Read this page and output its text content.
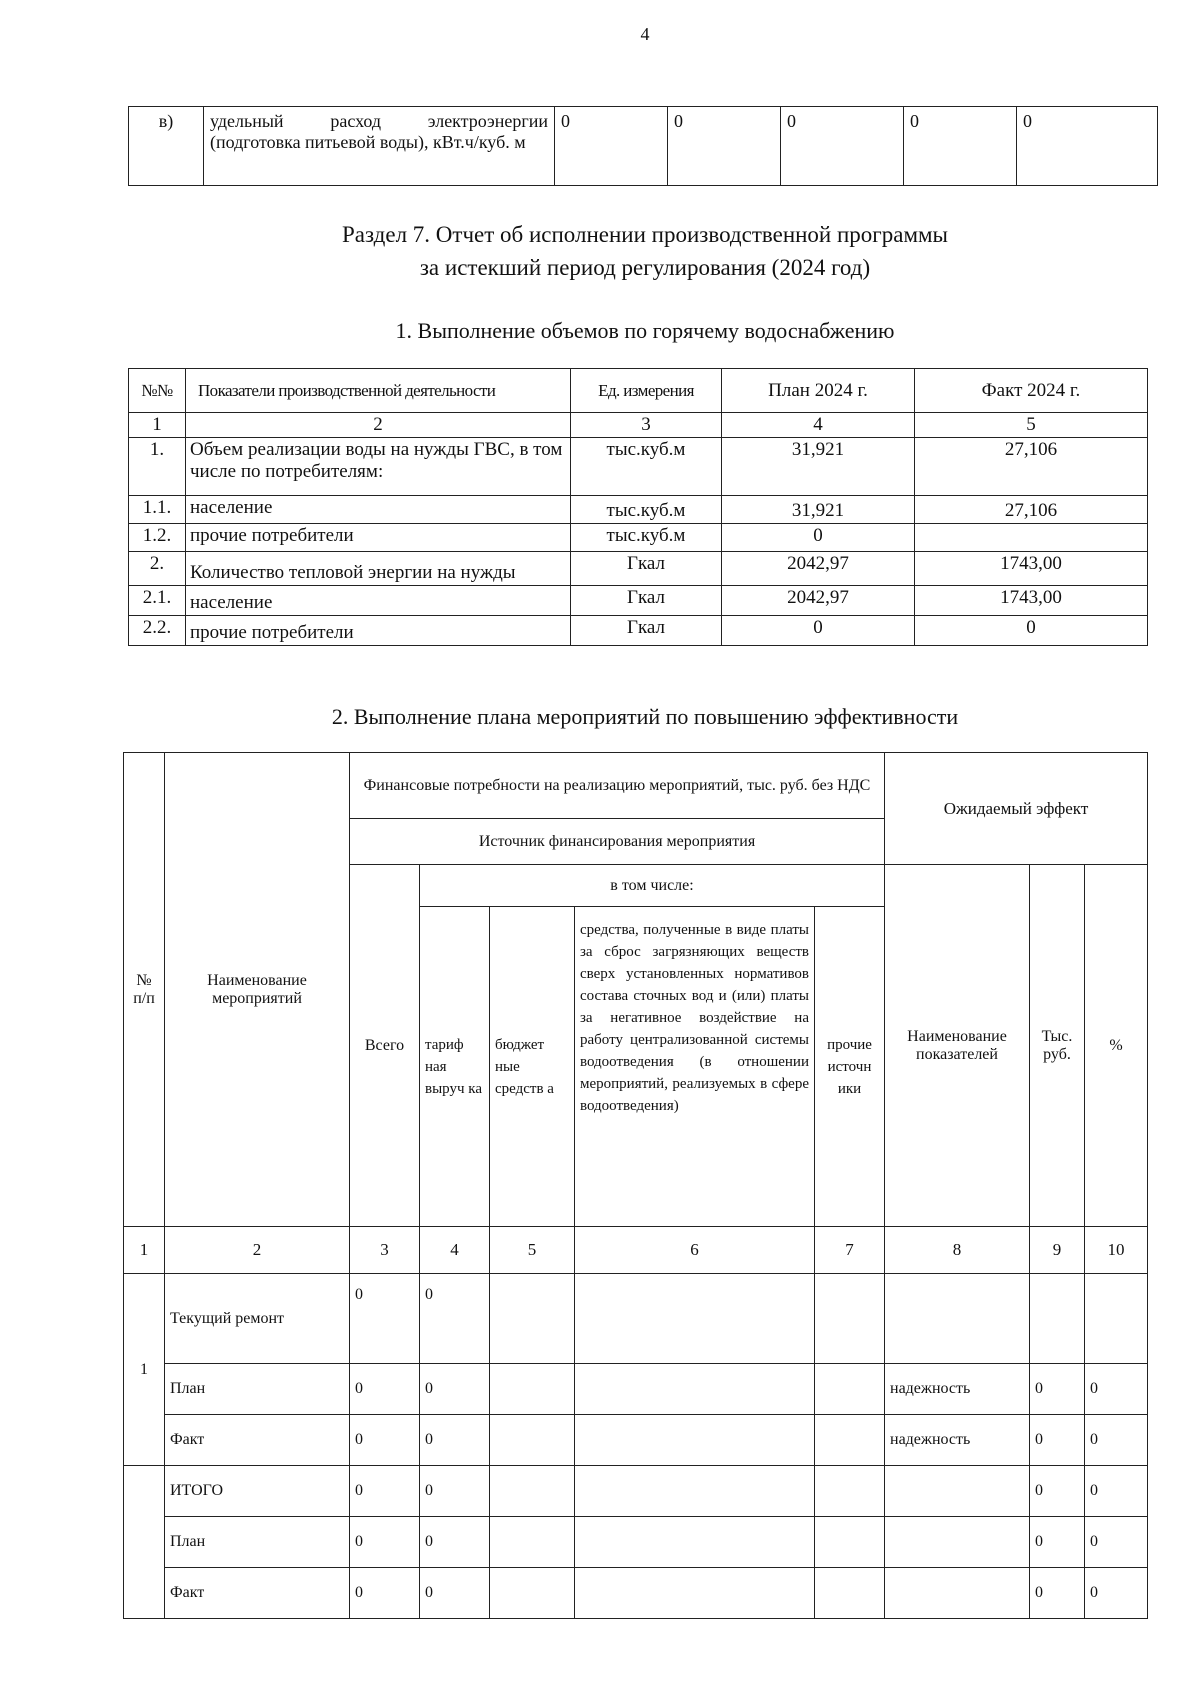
4
в)	удельный расход электроэнергии
(подготовка питьевой воды), кВт.ч/куб. м
	0	0	0	0	0
Раздел 7. Отчет об исполнении производственной программы
за истекший период регулирования (2024 год)
1. Выполнение объемов по горячему водоснабжению
№№	Показатели производственной деятельности	Ед. измерения	План 2024 г.	Факт 2024 г.
1	2	3	4	5
1.	Объем реализации воды на нужды ГВС, в том числе по потребителям:	тыс.куб.м	31,921	27,106
1.1.	население	тыс.куб.м	31,921	27,106
1.2.	прочие потребители	тыс.куб.м	0	
2.	Количество тепловой энергии на нужды	Гкал	2042,97	1743,00
2.1.	население	Гкал	2042,97	1743,00
2.2.	прочие потребители	Гкал	0	0
2. Выполнение плана мероприятий по повышению эффективности
№ п/п	Наименование мероприятий	Финансовые потребности на реализацию мероприятий, тыс. руб. без НДС					Ожидаемый эффект		
		Источник финансирования мероприятия							
		Всего	в том числе:				Наименование показателей	Тыс. руб.	%
			тариф ная выруч ка	бюджет ные средств а	средства, полученные в виде платы за сброс загрязняющих веществ сверх установленных нормативов состава сточных вод и (или) платы за негативное воздействие на работу централизованной системы водоотведения (в отношении мероприятий, реализуемых в сфере водоотведения)	прочие источн ики			
1	2	3	4	5	6	7	8	9	10
1	Текущий ремонт	0	0						
	План	0	0				надежность	0	0
	Факт	0	0				надежность	0	0
	ИТОГО	0	0					0	0
	План	0	0					0	0
	Факт	0	0					0	0
